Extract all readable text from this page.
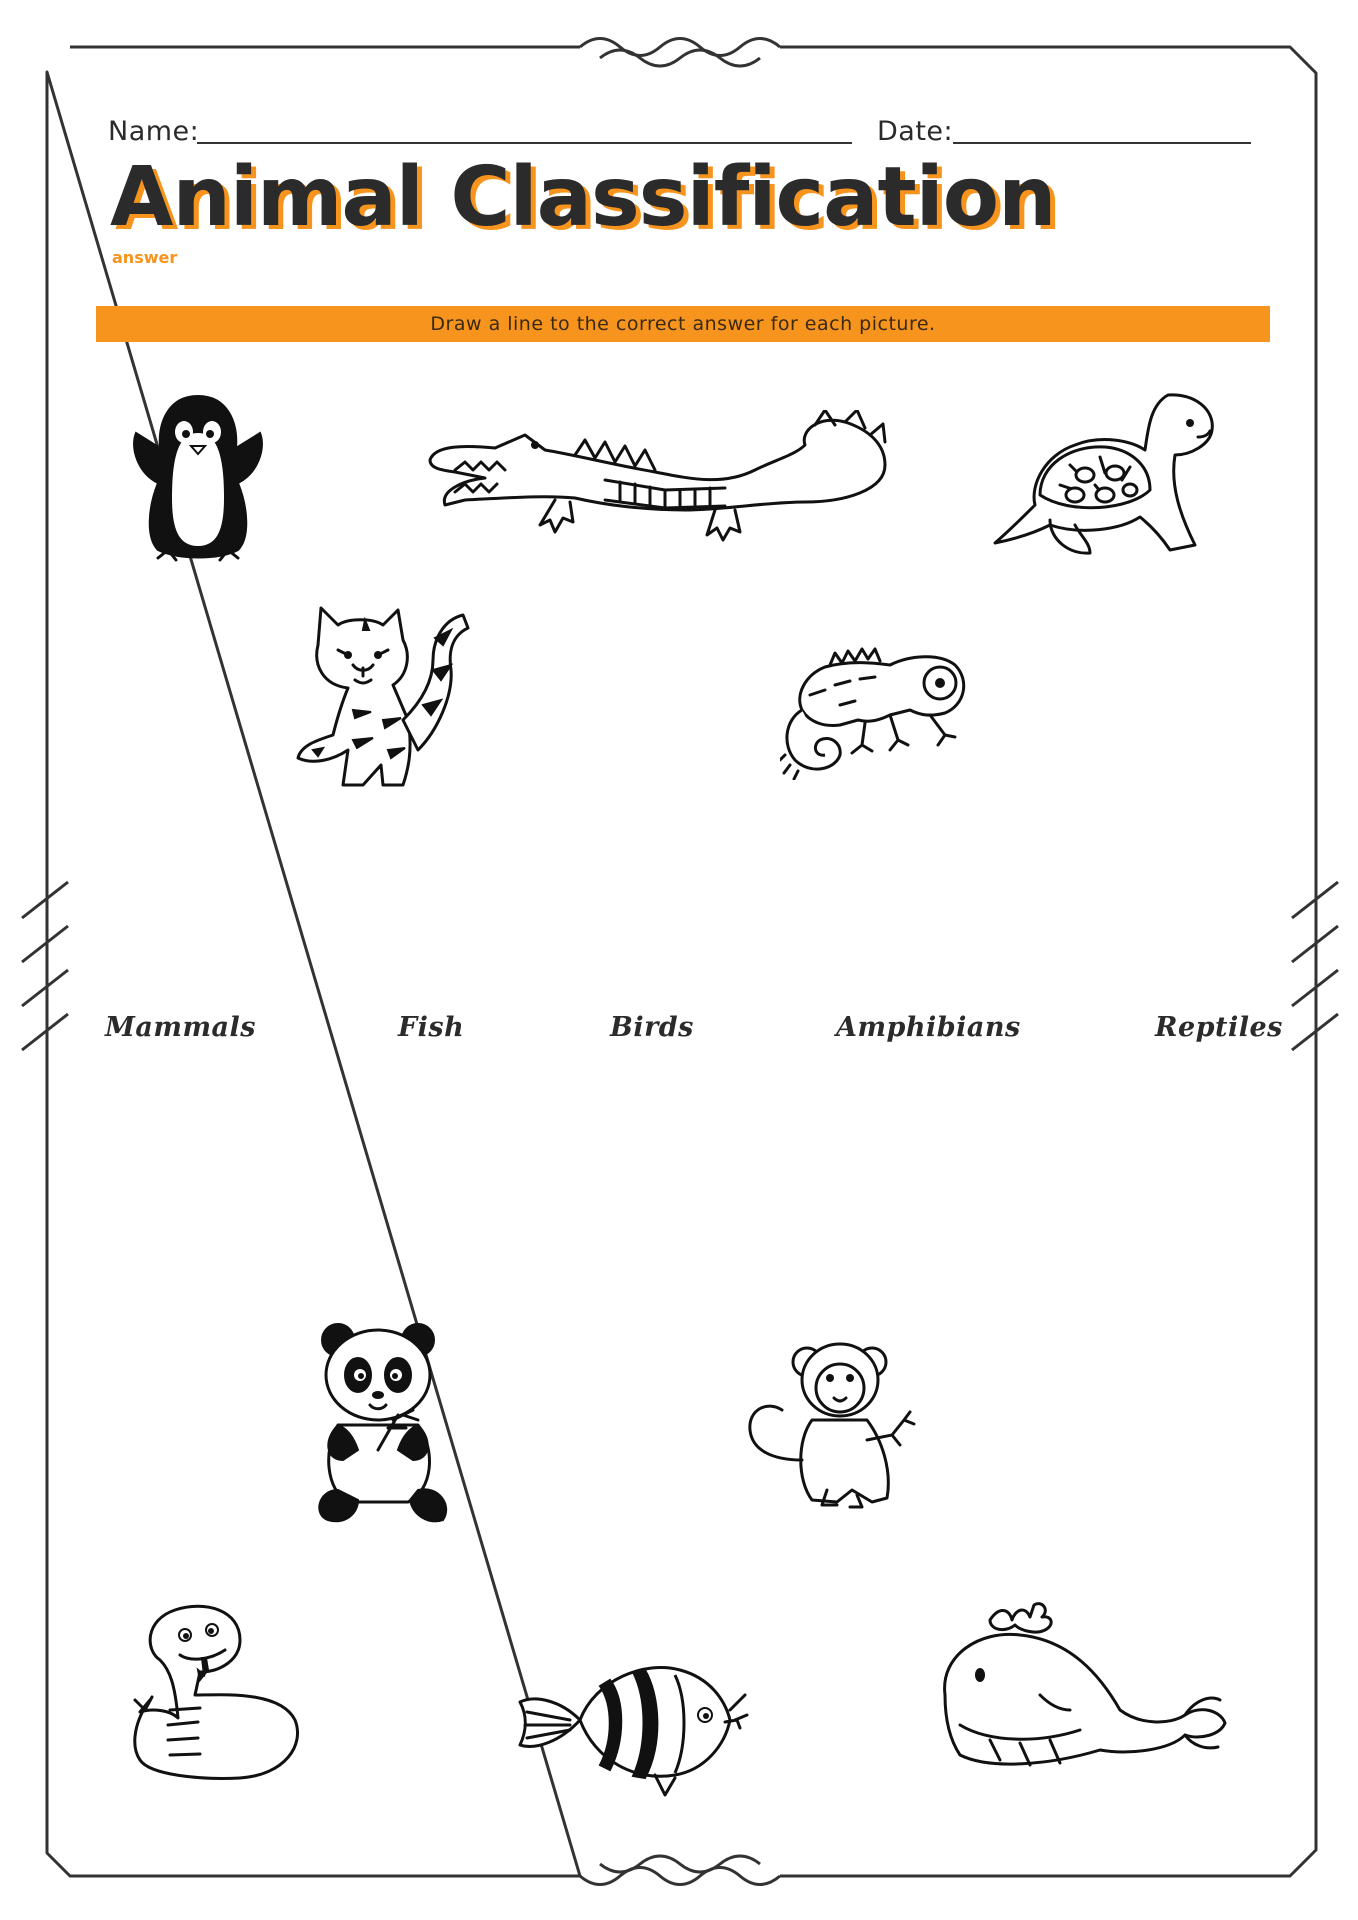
Name:	Date:
Animal Classification
answer
Draw a line to the correct answer for each picture.
Mammals	Fish	Birds	Amphibians	Reptiles
